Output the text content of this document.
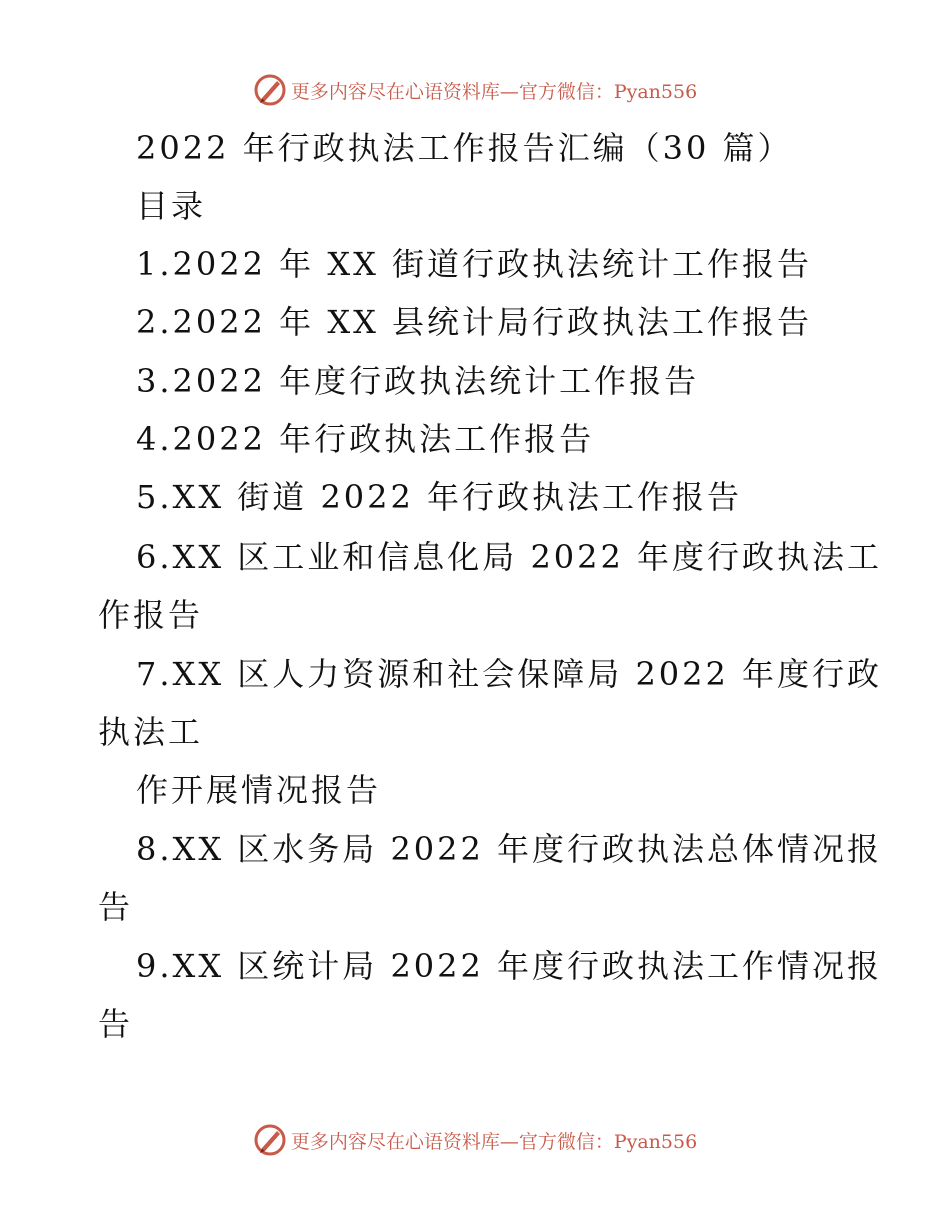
更多内容尽在心语资料库—官方微信：Pyan556
2022 年行政执法工作报告汇编（30 篇）
目录
1.2022 年 XX 街道行政执法统计工作报告
2.2022 年 XX 县统计局行政执法工作报告
3.2022 年度行政执法统计工作报告
4.2022 年行政执法工作报告
5.XX 街道 2022 年行政执法工作报告
6.XX 区工业和信息化局 2022 年度行政执法工
作报告
7.XX 区人力资源和社会保障局 2022 年度行政
执法工
作开展情况报告
8.XX 区水务局 2022 年度行政执法总体情况报
告
9.XX 区统计局 2022 年度行政执法工作情况报
告
更多内容尽在心语资料库—官方微信：Pyan556
